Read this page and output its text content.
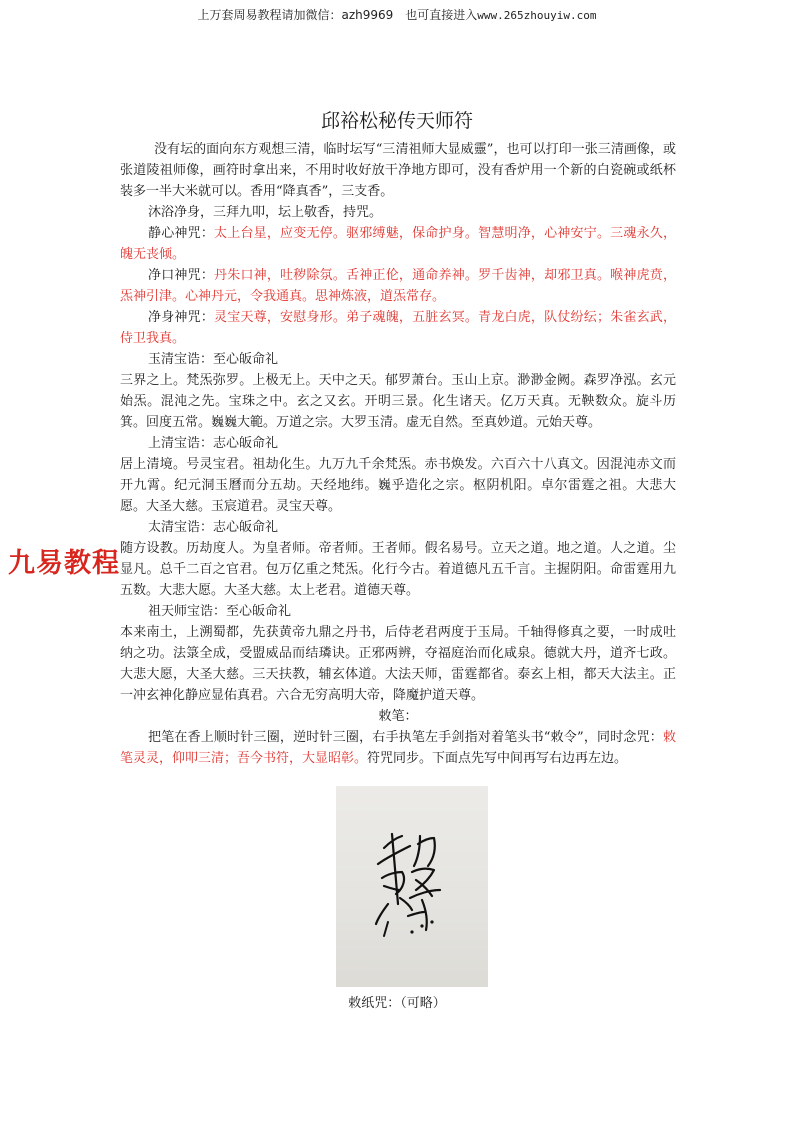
上万套周易教程请加微信：azh9969　也可直接进入www.265zhouyiw.com
邱裕松秘传天师符

没有坛的面向东方观想三清，临时坛写“三清祖师大显威靈”，也可以打印一张三清画像，或张道陵祖师像，画符时拿出来，不用时收好放干净地方即可，没有香炉用一个新的白瓷碗或纸杯装多一半大米就可以。香用“降真香”，三支香。

沐浴净身，三拜九叩，坛上敬香，持咒。

静心神咒：太上台星，应变无停。驱邪缚魅，保命护身。智慧明净，心神安宁。三魂永久，魄无丧倾。

净口神咒：丹朱口神，吐秽除氛。舌神正伦，通命养神。罗千齿神，却邪卫真。喉神虎贲，炁神引津。心神丹元，令我通真。思神炼液，道炁常存。

净身神咒：灵宝天尊，安慰身形。弟子魂魄，五脏玄冥。青龙白虎，队仗纷纭；朱雀玄武，侍卫我真。

玉清宝诰：至心皈命礼

三界之上。梵炁弥罗。上极无上。天中之天。郁罗萧台。玉山上京。渺渺金阙。森罗净泓。玄元始炁。混沌之先。宝珠之中。玄之又玄。开明三景。化生诸天。亿万天真。无鞅数众。旋斗历箕。回度五常。巍巍大範。万道之宗。大罗玉清。虚无自然。至真妙道。元始天尊。

上清宝诰：志心皈命礼

居上清境。号灵宝君。祖劫化生。九万九千余梵炁。赤书焕发。六百六十八真文。因混沌赤文而开九霄。纪元洞玉曆而分五劫。天经地纬。巍乎造化之宗。枢阴机阳。卓尔雷霆之祖。大悲大愿。大圣大慈。玉宸道君。灵宝天尊。

太清宝诰：志心皈命礼

随方设教。历劫度人。为皇者师。帝者师。王者师。假名易号。立天之道。地之道。人之道。尘显凡。总千二百之官君。包万亿重之梵炁。化行今古。着道德凡五千言。主握阴阳。命雷霆用九五数。大悲大愿。大圣大慈。太上老君。道德天尊。

祖天师宝诰：至心皈命礼

本来南土，上溯蜀都，先获黄帝九鼎之丹书，后侍老君两度于玉局。千轴得修真之要，一时成吐纳之功。法箓全成，受盟威品而结璘诀。正邪两辨，夺福庭治而化咸泉。德就大丹，道齐七政。大悲大愿，大圣大慈。三天扶教，辅玄体道。大法天师，雷霆都省。泰玄上相，都天大法主。正一冲玄神化静应显佑真君。六合无穷高明大帝，降魔护道天尊。

敕笔：

把笔在香上顺时针三圈，逆时针三圈，右手执笔左手剑指对着笔头书“敕令”，同时念咒：敕笔灵灵，仰叩三清；吾今书符，大显昭彰。符咒同步。下面点先写中间再写右边再左边。

九易教程
敕纸咒：（可略）
